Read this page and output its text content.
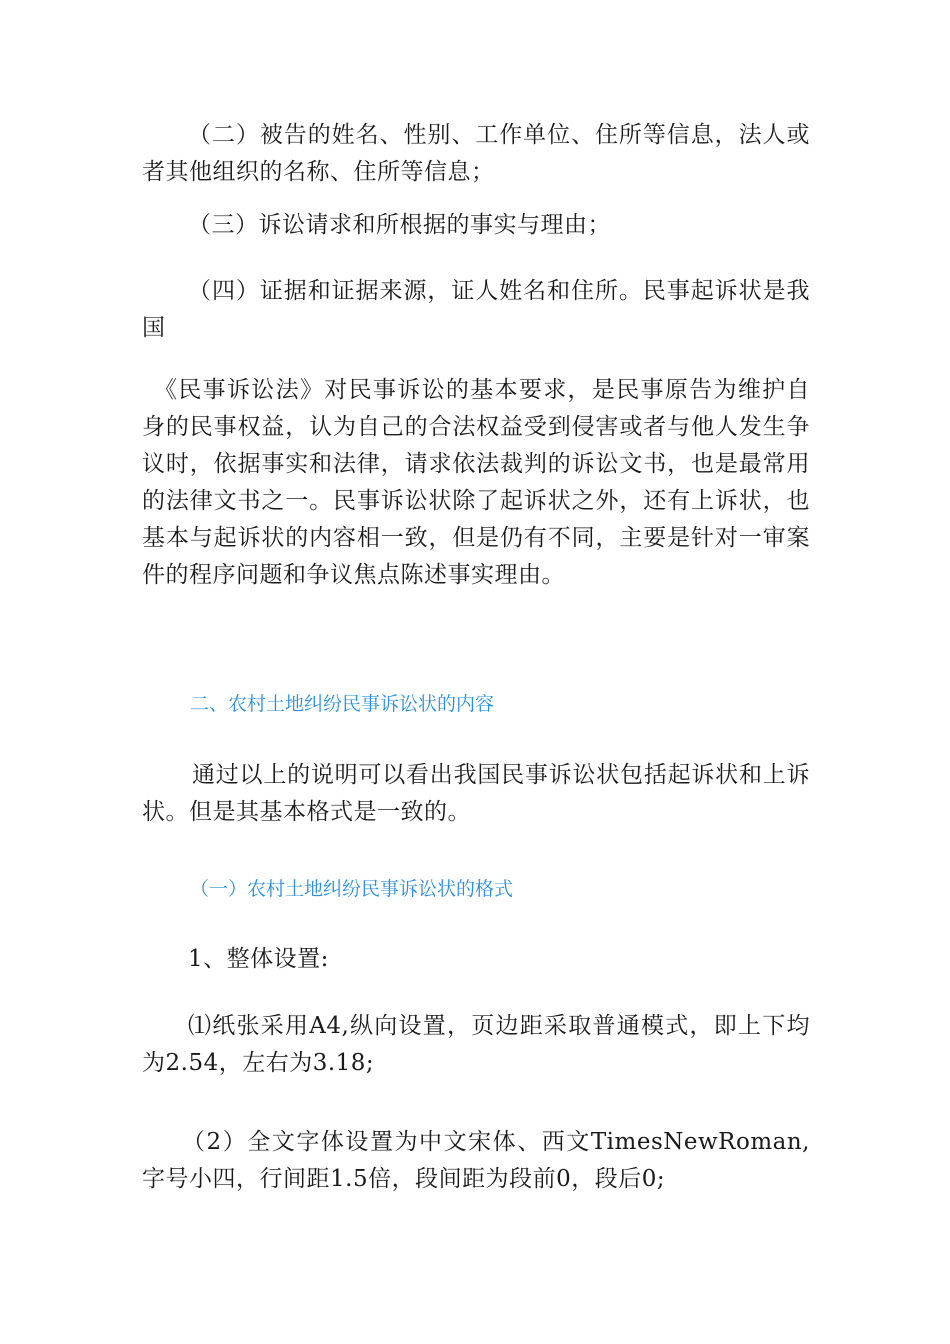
（二）被告的姓名、性别、工作单位、住所等信息，法人或者其他组织的名称、住所等信息；

（三）诉讼请求和所根据的事实与理由；

（四）证据和证据来源，证人姓名和住所。民事起诉状是我国

《民事诉讼法》对民事诉讼的基本要求，是民事原告为维护自身的民事权益，认为自己的合法权益受到侵害或者与他人发生争议时，依据事实和法律，请求依法裁判的诉讼文书，也是最常用的法律文书之一。民事诉讼状除了起诉状之外，还有上诉状，也基本与起诉状的内容相一致，但是仍有不同，主要是针对一审案件的程序问题和争议焦点陈述事实理由。

二、农村土地纠纷民事诉讼状的内容

通过以上的说明可以看出我国民事诉讼状包括起诉状和上诉状。但是其基本格式是一致的。

（一）农村土地纠纷民事诉讼状的格式

1、整体设置:

⑴纸张采用A4,纵向设置，页边距采取普通模式，即上下均为2.54，左右为3.18;

（2）全文字体设置为中文宋体、西文TimesNewRoman,字号小四，行间距1.5倍，段间距为段前0，段后0;
